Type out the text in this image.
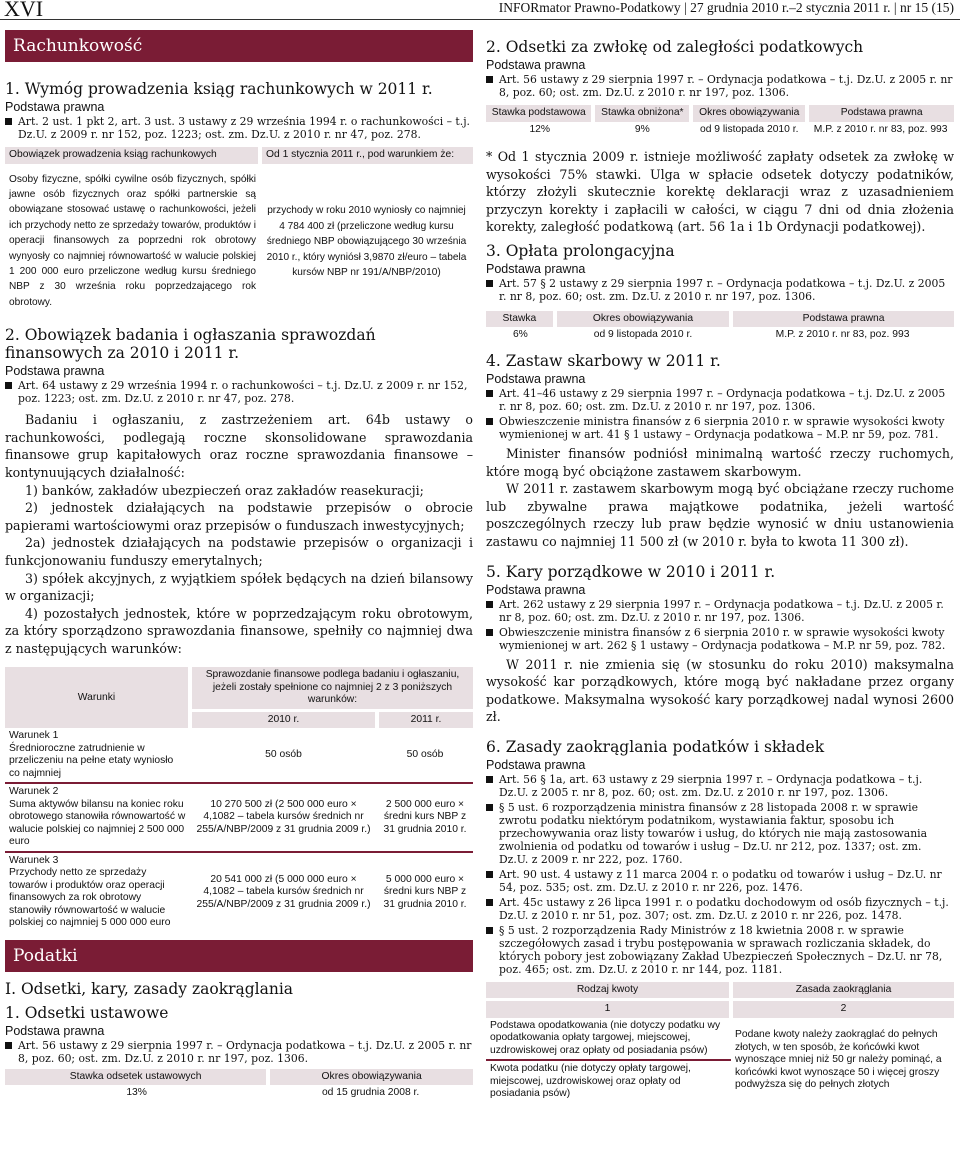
XVI	INFORmator Prawno-Podatkowy | 27 grudnia 2010 r.–2 stycznia 2011 r. | nr 15 (15)
Rachunkowość
1. Wymóg prowadzenia ksiąg rachunkowych w 2011 r.
Podstawa prawna
Art. 2 ust. 1 pkt 2, art. 3 ust. 3 ustawy z 29 września 1994 r. o rachunkowości – t.j. Dz.U. z 2009 r. nr 152, poz. 1223; ost. zm. Dz.U. z 2010 r. nr 47, poz. 278.
Obowiązek prowadzenia ksiąg rachunkowych	Od 1 stycznia 2011 r., pod warunkiem że:
Osoby fizyczne, spółki cywilne osób fizycznych, spółki jawne osób fizycznych oraz spółki partnerskie są obowiązane stosować ustawę o rachunkowości, jeżeli ich przychody netto ze sprzedaży towarów, produktów i operacji finansowych za poprzedni rok obrotowy wynyosły co najmniej równowartość w walucie polskiej 1 200 000 euro przeliczone według kursu średniego NBP z 30 września roku poprzedzającego rok obrotowy.	przychody w roku 2010 wyniosły co najmniej 4 784 400 zł (przeliczone według kursu średniego NBP obowiązującego 30 września 2010 r., który wyniósł 3,9870 zł/euro – tabela kursów NBP nr 191/A/NBP/2010)
2. Obowiązek badania i ogłaszania sprawozdań finansowych za 2010 i 2011 r.
Podstawa prawna
Art. 64 ustawy z 29 września 1994 r. o rachunkowości – t.j. Dz.U. z 2009 r. nr 152, poz. 1223; ost. zm. Dz.U. z 2010 r. nr 47, poz. 278.

Badaniu i ogłaszaniu, z zastrzeżeniem art. 64b ustawy o rachunkowości, podlegają roczne skonsolidowane sprawozdania finansowe grup kapitałowych oraz roczne sprawozdania finansowe – kontynuujących działalność:

1) banków, zakładów ubezpieczeń oraz zakładów reasekuracji;

2) jednostek działających na podstawie przepisów o obrocie papierami wartościowymi oraz przepisów o funduszach inwestycyjnych;

2a) jednostek działających na podstawie przepisów o organizacji i funkcjonowaniu funduszy emerytalnych;

3) spółek akcyjnych, z wyjątkiem spółek będących na dzień bilansowy w organizacji;

4) pozostałych jednostek, które w poprzedzającym roku obrotowym, za który sporządzono sprawozdania finansowe, spełniły co najmniej dwa z następujących warunków:

Warunki	Sprawozdanie finansowe podlega badaniu i ogłaszaniu, jeżeli zostały spełnione co najmniej 2 z 3 poniższych warunków:	
	2010 r.	2011 r.

Warunek 1
Średnioroczne zatrudnienie w przeliczeniu na pełne etaty wyniosło co najmniej	50 osób	50 osób

Warunek 2
Suma aktywów bilansu na koniec roku obrotowego stanowiła równowartość w walucie polskiej co najmniej 2 500 000 euro	10 270 500 zł (2 500 000 euro × 4,1082 – tabela kursów średnich nr 255/A/NBP/2009 z 31 grudnia 2009 r.)	2 500 000 euro × średni kurs NBP z 31 grudnia 2010 r.

Warunek 3
Przychody netto ze sprzedaży towarów i produktów oraz operacji finansowych za rok obrotowy stanowiły równowartość w walucie polskiej co najmniej 5 000 000 euro	20 541 000 zł (5 000 000 euro × 4,1082 – tabela kursów średnich nr 255/A/NBP/2009 z 31 grudnia 2009 r.)	5 000 000 euro × średni kurs NBP z 31 grudnia 2010 r.
Podatki
I. Odsetki, kary, zasady zaokrąglania
1. Odsetki ustawowe
Podstawa prawna
Art. 56 ustawy z 29 sierpnia 1997 r. – Ordynacja podatkowa – t.j. Dz.U. z 2005 r. nr 8, poz. 60; ost. zm. Dz.U. z 2010 r. nr 197, poz. 1306.
Stawka odsetek ustawowych	Okres obowiązywania
13%	od 15 grudnia 2008 r.
2. Odsetki za zwłokę od zaległości podatkowych
Podstawa prawna
Art. 56 ustawy z 29 sierpnia 1997 r. – Ordynacja podatkowa – t.j. Dz.U. z 2005 r. nr 8, poz. 60; ost. zm. Dz.U. z 2010 r. nr 197, poz. 1306.
Stawka podstawowa	Stawka obniżona*	Okres obowiązywania	Podstawa prawna
12%	9%	od 9 listopada 2010 r.	M.P. z 2010 r. nr 83, poz. 993

* Od 1 stycznia 2009 r. istnieje możliwość zapłaty odsetek za zwłokę w wysokości 75% stawki. Ulga w spłacie odsetek dotyczy podatników, którzy złożyli skutecznie korektę deklaracji wraz z uzasadnieniem przyczyn korekty i zapłacili w całości, w ciągu 7 dni od dnia złożenia korekty, zaległość podatkową (art. 56 1a i 1b Ordynacji podatkowej).

3. Opłata prolongacyjna
Podstawa prawna
Art. 57 § 2 ustawy z 29 sierpnia 1997 r. – Ordynacja podatkowa – t.j. Dz.U. z 2005 r. nr 8, poz. 60; ost. zm. Dz.U. z 2010 r. nr 197, poz. 1306.
Stawka	Okres obowiązywania	Podstawa prawna
6%	od 9 listopada 2010 r.	M.P. z 2010 r. nr 83, poz. 993
4. Zastaw skarbowy w 2011 r.
Podstawa prawna
Art. 41–46 ustawy z 29 sierpnia 1997 r. – Ordynacja podatkowa – t.j. Dz.U. z 2005 r. nr 8, poz. 60; ost. zm. Dz.U. z 2010 r. nr 197, poz. 1306.
Obwieszczenie ministra finansów z 6 sierpnia 2010 r. w sprawie wysokości kwoty wymienionej w art. 41 § 1 ustawy – Ordynacja podatkowa – M.P. nr 59, poz. 781.

Minister finansów podniósł minimalną wartość rzeczy ruchomych, które mogą być obciążone zastawem skarbowym.

W 2011 r. zastawem skarbowym mogą być obciążane rzeczy ruchome lub zbywalne prawa majątkowe podatnika, jeżeli wartość poszczególnych rzeczy lub praw będzie wynosić w dniu ustanowienia zastawu co najmniej 11 500 zł (w 2010 r. była to kwota 11 300 zł).

5. Kary porządkowe w 2010 i 2011 r.
Podstawa prawna
Art. 262 ustawy z 29 sierpnia 1997 r. – Ordynacja podatkowa – t.j. Dz.U. z 2005 r. nr 8, poz. 60; ost. zm. Dz.U. z 2010 r. nr 197, poz. 1306.
Obwieszczenie ministra finansów z 6 sierpnia 2010 r. w sprawie wysokości kwoty wymienionej w art. 262 § 1 ustawy – Ordynacja podatkowa – M.P. nr 59, poz. 782.

W 2011 r. nie zmienia się (w stosunku do roku 2010) maksymalna wysokość kar porządkowych, które mogą być nakładane przez organy podatkowe. Maksymalna wysokość kary porządkowej nadal wynosi 2600 zł.

6. Zasady zaokrąglania podatków i składek
Podstawa prawna
Art. 56 § 1a, art. 63 ustawy z 29 sierpnia 1997 r. – Ordynacja podatkowa – t.j. Dz.U. z 2005 r. nr 8, poz. 60; ost. zm. Dz.U. z 2010 r. nr 197, poz. 1306.
§ 5 ust. 6 rozporządzenia ministra finansów z 28 listopada 2008 r. w sprawie zwrotu podatku niektórym podatnikom, wystawiania faktur, sposobu ich przechowywania oraz listy towarów i usług, do których nie mają zastosowania zwolnienia od podatku od towarów i usług – Dz.U. nr 212, poz. 1337; ost. zm. Dz.U. z 2009 r. nr 222, poz. 1760.
Art. 90 ust. 4 ustawy z 11 marca 2004 r. o podatku od towarów i usług – Dz.U. nr 54, poz. 535; ost. zm. Dz.U. z 2010 r. nr 226, poz. 1476.
Art. 45c ustawy z 26 lipca 1991 r. o podatku dochodowym od osób fizycznych – t.j. Dz.U. z 2010 r. nr 51, poz. 307; ost. zm. Dz.U. z 2010 r. nr 226, poz. 1478.
§ 5 ust. 2 rozporządzenia Rady Ministrów z 18 kwietnia 2008 r. w sprawie szczegółowych zasad i trybu postępowania w sprawach rozliczania składek, do których pobory jest zobowiązany Zakład Ubezpieczeń Społecznych – Dz.U. nr 78, poz. 465; ost. zm. Dz.U. z 2010 r. nr 144, poz. 1181.
Rodzaj kwoty	Zasada zaokrąglania
1	2
Podstawa opodatkowania (nie dotyczy podatku wy opodatkowania opłaty targowej, miejscowej, uzdrowiskowej oraz opłaty od posiadania psów)	Podane kwoty należy zaokrąglać do pełnych złotych, w ten sposób, że końcówki kwot wynoszące mniej niż 50 gr należy pominąć, a końcówki kwot wynoszące 50 i więcej groszy podwyższa się do pełnych złotych
Kwota podatku (nie dotyczy opłaty targowej, miejscowej, uzdrowiskowej oraz opłaty od posiadania psów)	
